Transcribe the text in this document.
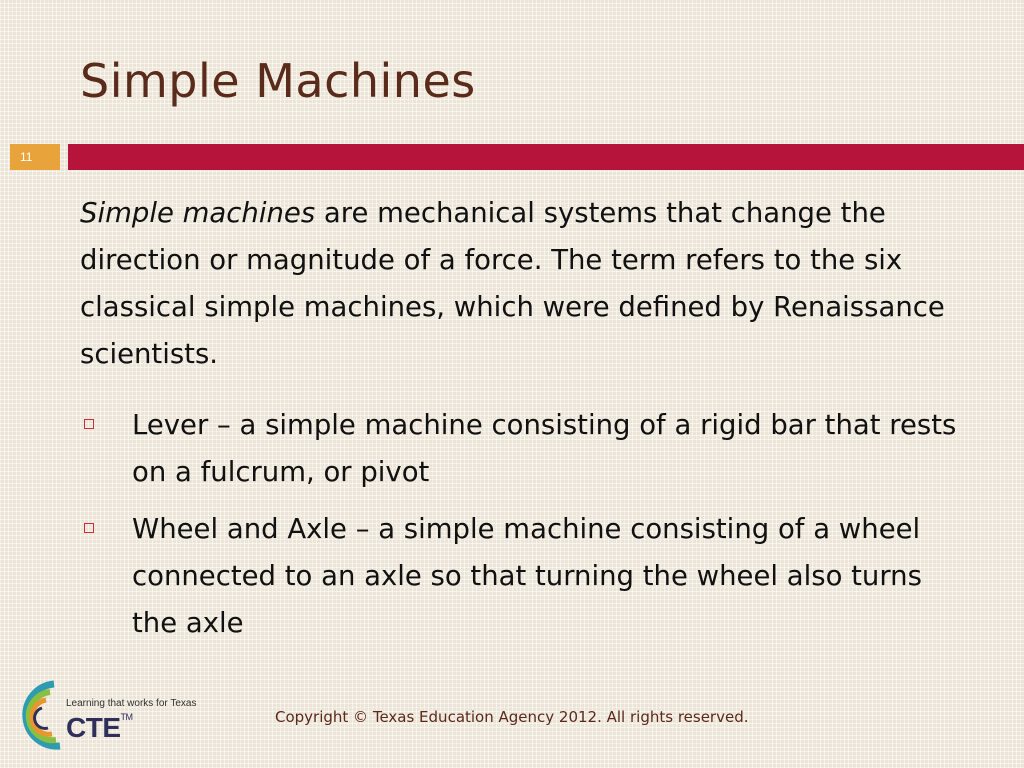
Simple Machines
11

Simple machines are mechanical systems that change the direction or magnitude of a force. The term refers to the six classical simple machines, which were defined by Renaissance scientists.

Lever – a simple machine consisting of a rigid bar that rests on a fulcrum, or pivot
Wheel and Axle – a simple machine consisting of a wheel connected to an axle so that turning the wheel also turns the axle
Learning that works for Texas
CTE™	Copyright © Texas Education Agency 2012. All rights reserved.
